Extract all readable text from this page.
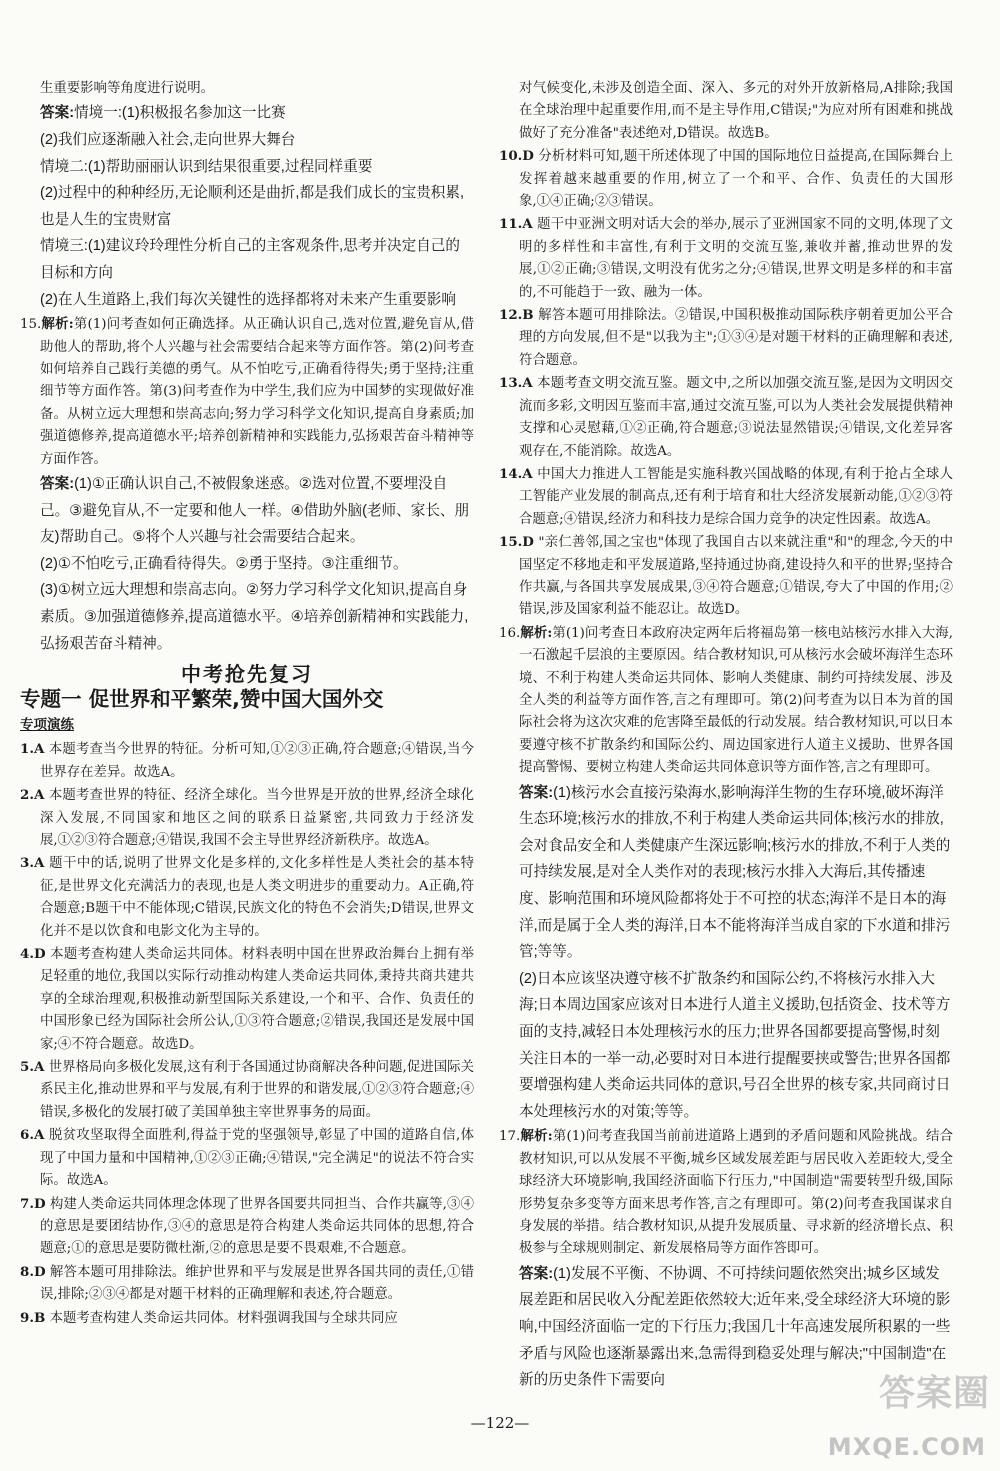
生重要影响等角度进行说明。

答案:情境一:(1)积极报名参加这一比赛
(2)我们应逐渐融入社会,走向世界大舞台
情境二:(1)帮助丽丽认识到结果很重要,过程同样重要
(2)过程中的种种经历,无论顺利还是曲折,都是我们成长的宝贵积累,也是人生的宝贵财富
情境三:(1)建议玲玲理性分析自己的主客观条件,思考并决定自己的目标和方向
(2)在人生道路上,我们每次关键性的选择都将对未来产生重要影响

15.解析:第(1)问考查如何正确选择。从正确认识自己,选对位置,避免盲从,借助他人的帮助,将个人兴趣与社会需要结合起来等方面作答。第(2)问考查如何培养自己践行美德的勇气。从不怕吃亏,正确看待得失;勇于坚持;注重细节等方面作答。第(3)问考查作为中学生,我们应为中国梦的实现做好准备。从树立远大理想和崇高志向;努力学习科学文化知识,提高自身素质;加强道德修养,提高道德水平;培养创新精神和实践能力,弘扬艰苦奋斗精神等方面作答。

答案:(1)①正确认识自己,不被假象迷惑。②选对位置,不要埋没自己。③避免盲从,不一定要和他人一样。④借助外脑(老师、家长、朋友)帮助自己。⑤将个人兴趣与社会需要结合起来。
(2)①不怕吃亏,正确看待得失。②勇于坚持。③注重细节。
(3)①树立远大理想和崇高志向。②努力学习科学文化知识,提高自身素质。③加强道德修养,提高道德水平。④培养创新精神和实践能力,弘扬艰苦奋斗精神。
中考抢先复习
专题一 促世界和平繁荣,赞中国大国外交
专项演练

1.A 本题考查当今世界的特征。分析可知,①②③正确,符合题意;④错误,当今世界存在差异。故选A。

2.A 本题考查世界的特征、经济全球化。当今世界是开放的世界,经济全球化深入发展,不同国家和地区之间的联系日益紧密,共同致力于经济发展,①②③符合题意;④错误,我国不会主导世界经济新秩序。故选A。

3.A 题干中的话,说明了世界文化是多样的,文化多样性是人类社会的基本特征,是世界文化充满活力的表现,也是人类文明进步的重要动力。A正确,符合题意;B题干中不能体现;C错误,民族文化的特色不会消失;D错误,世界文化并不是以饮食和电影文化为主导的。

4.D 本题考查构建人类命运共同体。材料表明中国在世界政治舞台上拥有举足轻重的地位,我国以实际行动推动构建人类命运共同体,秉持共商共建共享的全球治理观,积极推动新型国际关系建设,一个和平、合作、负责任的中国形象已经为国际社会所公认,①③符合题意;②错误,我国还是发展中国家;④不符合题意。故选D。

5.A 世界格局向多极化发展,这有利于各国通过协商解决各种问题,促进国际关系民主化,推动世界和平与发展,有利于世界的和谐发展,①②③符合题意;④错误,多极化的发展打破了美国单独主宰世界事务的局面。

6.A 脱贫攻坚取得全面胜利,得益于党的坚强领导,彰显了中国的道路自信,体现了中国力量和中国精神,①②③正确;④错误,"完全满足"的说法不符合实际。故选A。

7.D 构建人类命运共同体理念体现了世界各国要共同担当、合作共赢等,③④的意思是要团结协作,③④的意思是符合构建人类命运共同体的思想,符合题意;①的意思是要防微杜渐,②的意思是要不畏艰难,不合题意。

8.D 解答本题可用排除法。维护世界和平与发展是世界各国共同的责任,①错误,排除;②③④都是对题干材料的正确理解和表述,符合题意。

9.B 本题考查构建人类命运共同体。材料强调我国与全球共同应

对气候变化,未涉及创造全面、深入、多元的对外开放新格局,A排除;我国在全球治理中起重要作用,而不是主导作用,C错误;"为应对所有困难和挑战做好了充分准备"表述绝对,D错误。故选B。

10.D 分析材料可知,题干所述体现了中国的国际地位日益提高,在国际舞台上发挥着越来越重要的作用,树立了一个和平、合作、负责任的大国形象,①④正确;②③错误。

11.A 题干中亚洲文明对话大会的举办,展示了亚洲国家不同的文明,体现了文明的多样性和丰富性,有利于文明的交流互鉴,兼收并蓄,推动世界的发展,①②正确;③错误,文明没有优劣之分;④错误,世界文明是多样的和丰富的,不可能趋于一致、融为一体。

12.B 解答本题可用排除法。②错误,中国积极推动国际秩序朝着更加公平合理的方向发展,但不是"以我为主";①③④是对题干材料的正确理解和表述,符合题意。

13.A 本题考查文明交流互鉴。题文中,之所以加强交流互鉴,是因为文明因交流而多彩,文明因互鉴而丰富,通过交流互鉴,可以为人类社会发展提供精神支撑和心灵慰藉,①②正确,符合题意;③说法显然错误;④错误,文化差异客观存在,不能消除。故选A。

14.A 中国大力推进人工智能是实施科教兴国战略的体现,有利于抢占全球人工智能产业发展的制高点,还有利于培育和壮大经济发展新动能,①②③符合题意;④错误,经济力和科技力是综合国力竞争的决定性因素。故选A。

15.D "亲仁善邻,国之宝也"体现了我国自古以来就注重"和"的理念,今天的中国坚定不移地走和平发展道路,坚持通过协商,建设持久和平的世界;坚持合作共赢,与各国共享发展成果,③④符合题意;①错误,夸大了中国的作用;②错误,涉及国家利益不能忍让。故选D。

16.解析:第(1)问考查日本政府决定两年后将福岛第一核电站核污水排入大海,一石激起千层浪的主要原因。结合教材知识,可从核污水会破坏海洋生态环境、不利于构建人类命运共同体、影响人类健康、制约可持续发展、涉及全人类的利益等方面作答,言之有理即可。第(2)问考查为以日本为首的国际社会将为这次灾难的危害降至最低的行动发展。结合教材知识,可以日本要遵守核不扩散条约和国际公约、周边国家进行人道主义援助、世界各国提高警惕、要树立构建人类命运共同体意识等方面作答,言之有理即可。

答案:(1)核污水会直接污染海水,影响海洋生物的生存环境,破坏海洋生态环境;核污水的排放,不利于构建人类命运共同体;核污水的排放,会对食品安全和人类健康产生深远影响;核污水的排放,不利于人类的可持续发展,是对全人类作对的表现;核污水排入大海后,其传播速度、影响范围和环境风险都将处于不可控的状态;海洋不是日本的海洋,而是属于全人类的海洋,日本不能将海洋当成自家的下水道和排污管;等等。
(2)日本应该坚决遵守核不扩散条约和国际公约,不将核污水排入大海;日本周边国家应该对日本进行人道主义援助,包括资金、技术等方面的支持,减轻日本处理核污水的压力;世界各国都要提高警惕,时刻关注日本的一举一动,必要时对日本进行提醒要挟或警告;世界各国都要增强构建人类命运共同体的意识,号召全世界的核专家,共同商讨日本处理核污水的对策;等等。

17.解析:第(1)问考查我国当前前进道路上遇到的矛盾问题和风险挑战。结合教材知识,可以从发展不平衡,城乡区域发展差距与居民收入差距较大,受全球经济大环境影响,我国经济面临下行压力,"中国制造"需要转型升级,国际形势复杂多变等方面来思考作答,言之有理即可。第(2)问考查我国谋求自身发展的举措。结合教材知识,从提升发展质量、寻求新的经济增长点、积极参与全球规则制定、新发展格局等方面作答即可。

答案:(1)发展不平衡、不协调、不可持续问题依然突出;城乡区域发展差距和居民收入分配差距依然较大;近年来,受全球经济大环境的影响,中国经济面临一定的下行压力;我国几十年高速发展所积累的一些矛盾与风险也逐渐暴露出来,急需得到稳妥处理与解决;"中国制造"在新的历史条件下需要向
—122—
答案圈
MXQE.COM
